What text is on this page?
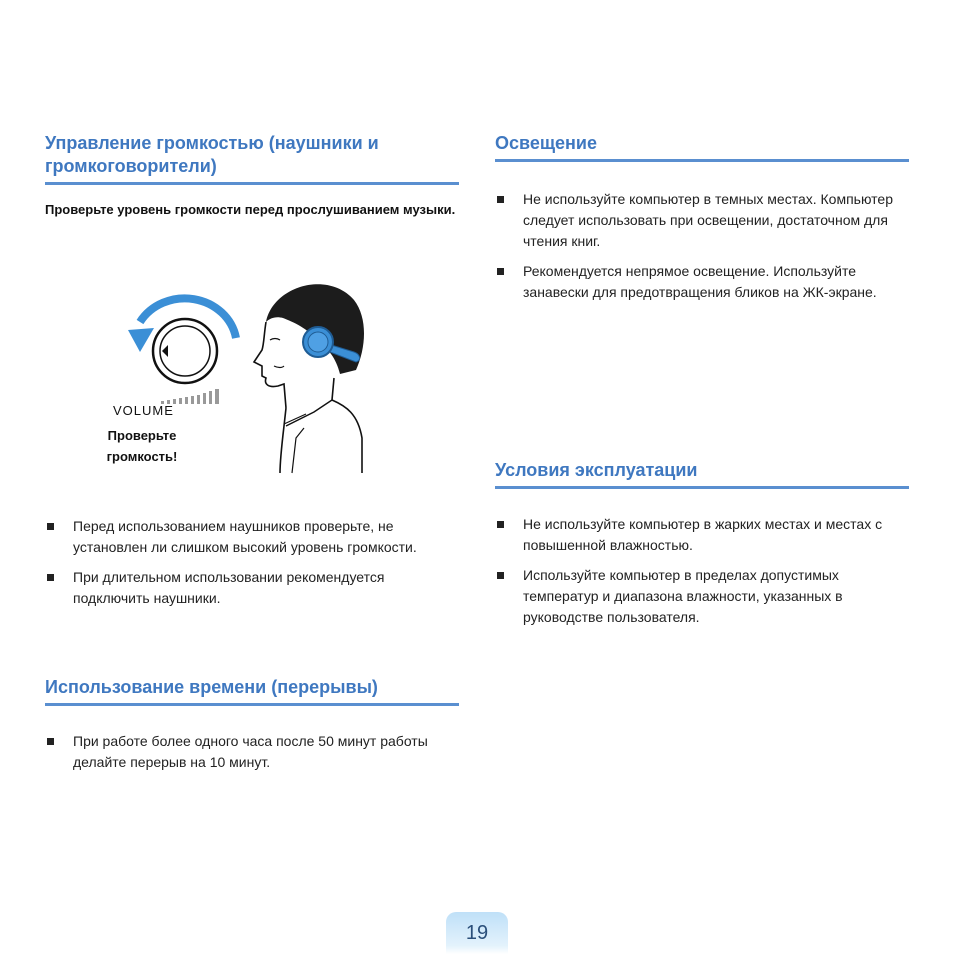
Управление громкостью (наушники и громкоговорители)

Проверьте уровень громкости перед прослушиванием музыки.

Перед использованием наушников проверьте, не установлен ли слишком высокий уровень громкости.
При длительном использовании рекомендуется подключить наушники.
Использование времени (перерывы)
При работе более одного часа после 50 минут работы делайте перерыв на 10 минут.
VOLUME
Проверьте
громкость!
Освещение
Не используйте компьютер в темных местах. Компьютер следует использовать при освещении, достаточном для чтения книг.
Рекомендуется непрямое освещение. Используйте занавески для предотвращения бликов на ЖК-экране.
Условия эксплуатации
Не используйте компьютер в жарких местах и местах с повышенной влажностью.
Используйте компьютер в пределах допустимых температур и диапазона влажности, указанных в руководстве пользователя.
19
